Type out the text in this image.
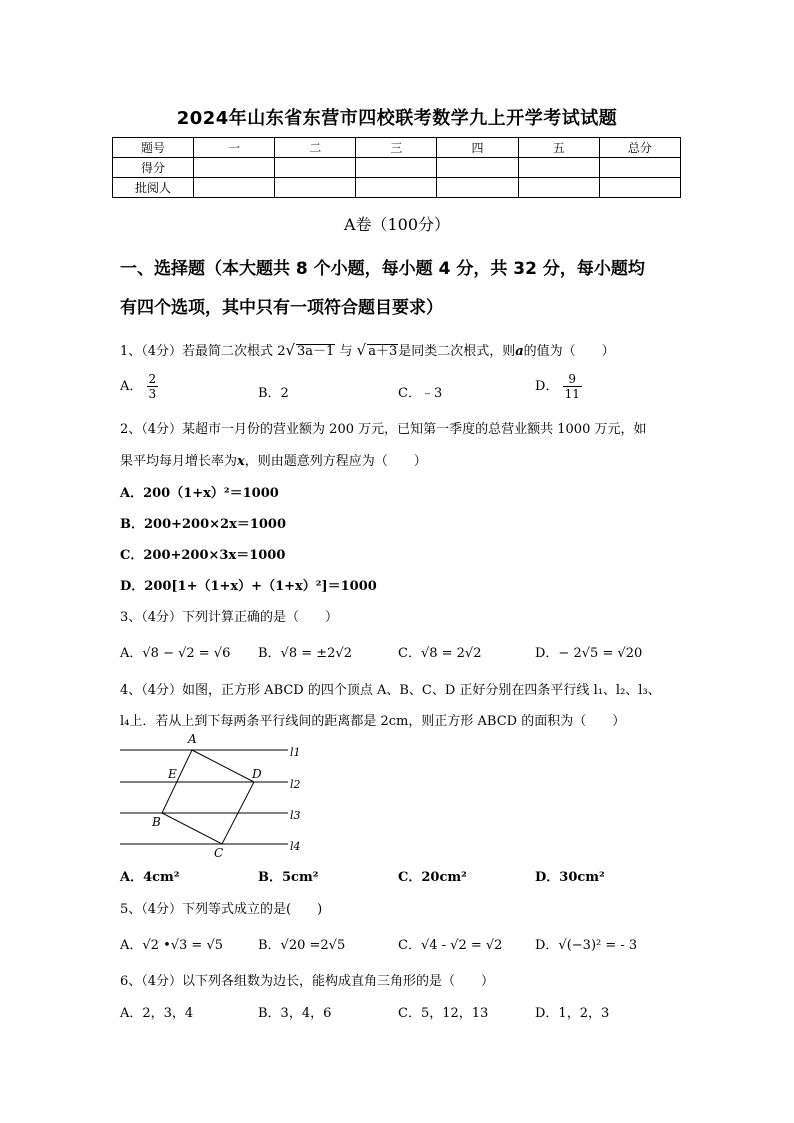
2024年山东省东营市四校联考数学九上开学考试试题
题号	一	二	三	四	五	总分
得分						
批阅人						
A卷（100分）
一、选择题（本大题共 8 个小题，每小题 4 分，共 32 分，每小题均
有四个选项，其中只有一项符合题目要求）
1、（4分）若最简二次根式 2√ 3a－1 与 √ a＋3是同类二次根式，则a的值为（　　）
A． $\frac{2}{3}$	B．2	C．﹣3	D． $\frac{9}{11}$
2、（4分）某超市一月份的营业额为 200 万元，已知第一季度的总营业额共 1000 万元，如
果平均每月增长率为x，则由题意列方程应为（　　）
A．200（1+x）²＝1000
B．200+200×2x＝1000
C．200+200×3x＝1000
D．200[1+（1+x）+（1+x）²]＝1000
3、（4分）下列计算正确的是（　　）
A．√8 − √2 = √6 B．√8 = ±2√2	C．√8 = 2√2	D．− 2√5 = √20
4、（4分）如图，正方形 ABCD 的四个顶点 A、B、C、D 正好分别在四条平行线 l₁、l₂、l₃、
l₄上．若从上到下每两条平行线间的距离都是 2cm，则正方形 ABCD 的面积为（　　）
A
E	D
B
C
l1
l2
l3
l4
A．4cm²	B．5cm²	C．20cm²	D．30cm²
5、（4分）下列等式成立的是(　　)
A．√2 •√3 = √5	B．√20 =2√5	C．√4 - √2 = √2	D．√(−3)² = - 3
6、（4分）以下列各组数为边长，能构成直角三角形的是（　　）
A．2，3，4	B．3，4，6	C．5，12，13	D．1，2，3
